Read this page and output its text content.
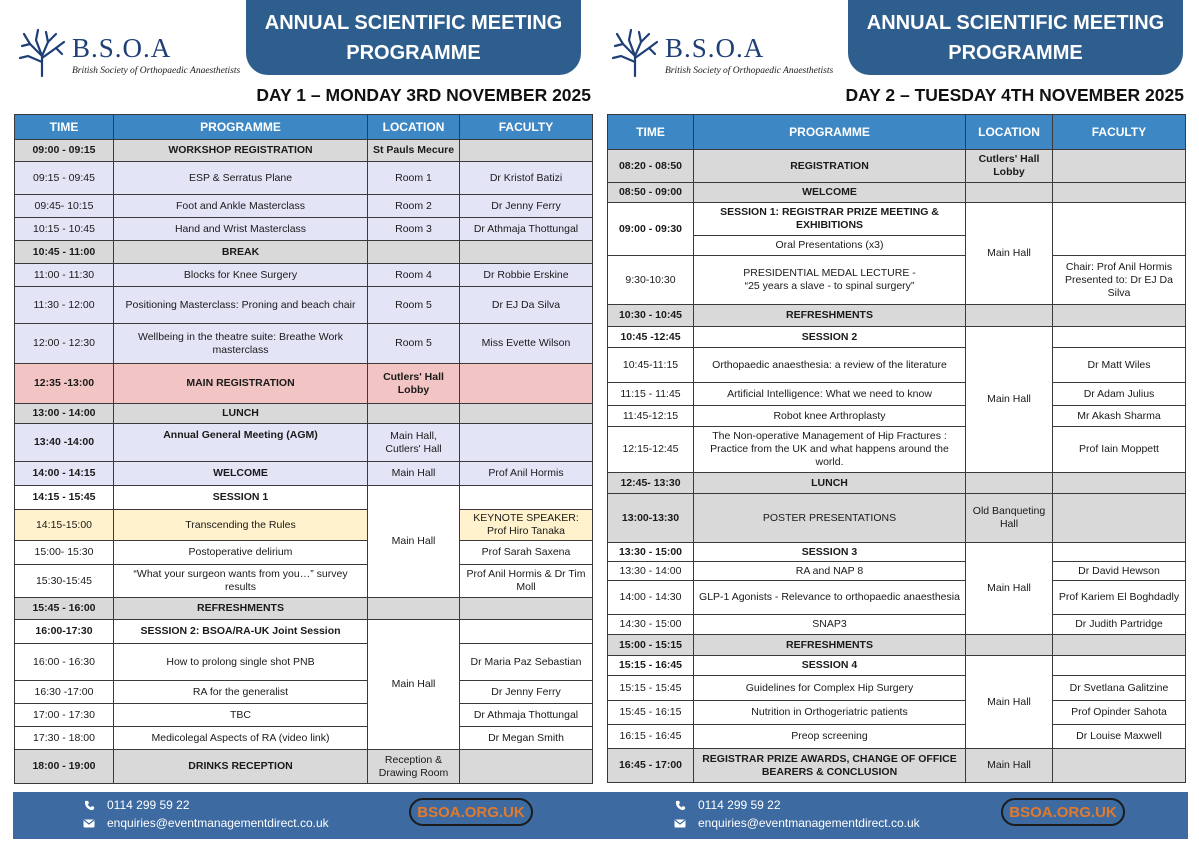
B.S.O.A
British Society of Orthopaedic Anaesthetists
ANNUAL SCIENTIFIC MEETING
PROGRAMME
DAY 1 – MONDAY 3RD NOVEMBER 2025
TIME	PROGRAMME	LOCATION	FACULTY
09:00 - 09:15	WORKSHOP REGISTRATION	St Pauls Mecure	
09:15 - 09:45	ESP & Serratus Plane	Room 1	Dr Kristof Batizi
09:45- 10:15	Foot and Ankle Masterclass	Room 2	Dr Jenny Ferry
10:15 - 10:45	Hand and Wrist Masterclass	Room 3	Dr Athmaja Thottungal
10:45 - 11:00	BREAK		
11:00 - 11:30	Blocks for Knee Surgery	Room 4	Dr Robbie Erskine
11:30 - 12:00	Positioning Masterclass: Proning and beach chair	Room 5	Dr EJ Da Silva
12:00 - 12:30	Wellbeing in the theatre suite: Breathe Work masterclass	Room 5	Miss Evette Wilson
12:35 -13:00	MAIN REGISTRATION	Cutlers' Hall Lobby	
13:00 - 14:00	LUNCH		
13:40 -14:00	Annual General Meeting (AGM)	Main Hall,
Cutlers' Hall	

14:00 - 14:15	WELCOME	Main Hall	Prof Anil Hormis
14:15 - 15:45	SESSION 1	Main Hall	
14:15-15:00	Transcending the Rules		KEYNOTE SPEAKER:
Prof Hiro Tanaka

15:00- 15:30	Postoperative delirium		Prof Sarah Saxena
15:30-15:45	“What your surgeon wants from you…” survey results		Prof Anil Hormis & Dr Tim Moll
15:45 - 16:00	REFRESHMENTS		
16:00-17:30	SESSION 2: BSOA/RA-UK Joint Session	Main Hall	
16:00 - 16:30	How to prolong single shot PNB		Dr Maria Paz Sebastian
16:30 -17:00	RA for the generalist		Dr Jenny Ferry
17:00 - 17:30	TBC		Dr Athmaja Thottungal
17:30 - 18:00	Medicolegal Aspects of RA (video link)		Dr Megan Smith
18:00 - 19:00	DRINKS RECEPTION	Reception & Drawing Room	
B.S.O.A
British Society of Orthopaedic Anaesthetists
ANNUAL SCIENTIFIC MEETING
PROGRAMME
DAY 2 – TUESDAY 4TH NOVEMBER 2025
TIME	PROGRAMME	LOCATION	FACULTY
08:20 - 08:50	REGISTRATION	Cutlers' Hall Lobby	
08:50 - 09:00	WELCOME		
09:00 - 09:30	SESSION 1: REGISTRAR PRIZE MEETING & EXHIBITIONS	Main Hall	
	Oral Presentations (x3)		
9:30-10:30	PRESIDENTIAL MEDAL LECTURE -
“25 years a slave - to spinal surgery”		Chair: Prof Anil Hormis Presented to: Dr EJ Da Silva
10:30 - 10:45	REFRESHMENTS		
10:45 -12:45	SESSION 2	Main Hall	
10:45-11:15	Orthopaedic anaesthesia: a review of the literature		Dr Matt Wiles
11:15 - 11:45	Artificial Intelligence: What we need to know		Dr Adam Julius
11:45-12:15	Robot knee Arthroplasty		Mr Akash Sharma
12:15-12:45	The Non-operative Management of Hip Fractures : Practice from the UK and what happens around the world.		Prof Iain Moppett
12:45- 13:30	LUNCH		
13:00-13:30	POSTER PRESENTATIONS	Old Banqueting Hall	
13:30 - 15:00	SESSION 3	Main Hall	
13:30 - 14:00	RA and NAP 8		Dr David Hewson
14:00 - 14:30	GLP-1 Agonists - Relevance to orthopaedic anaesthesia		Prof Kariem El Boghdadly
14:30 - 15:00	SNAP3		Dr Judith Partridge
15:00 - 15:15	REFRESHMENTS		
15:15 - 16:45	SESSION 4	Main Hall	
15:15 - 15:45	Guidelines for Complex Hip Surgery		Dr Svetlana Galitzine
15:45 - 16:15	Nutrition in Orthogeriatric patients		Prof Opinder Sahota
16:15 - 16:45	Preop screening		Dr Louise Maxwell
16:45 - 17:00	REGISTRAR PRIZE AWARDS, CHANGE OF OFFICE BEARERS & CONCLUSION	Main Hall	
0114 299 59 22
enquiries@eventmanagementdirect.co.uk
BSOA.ORG.UK	0114 299 59 22
enquiries@eventmanagementdirect.co.uk
BSOA.ORG.UK
